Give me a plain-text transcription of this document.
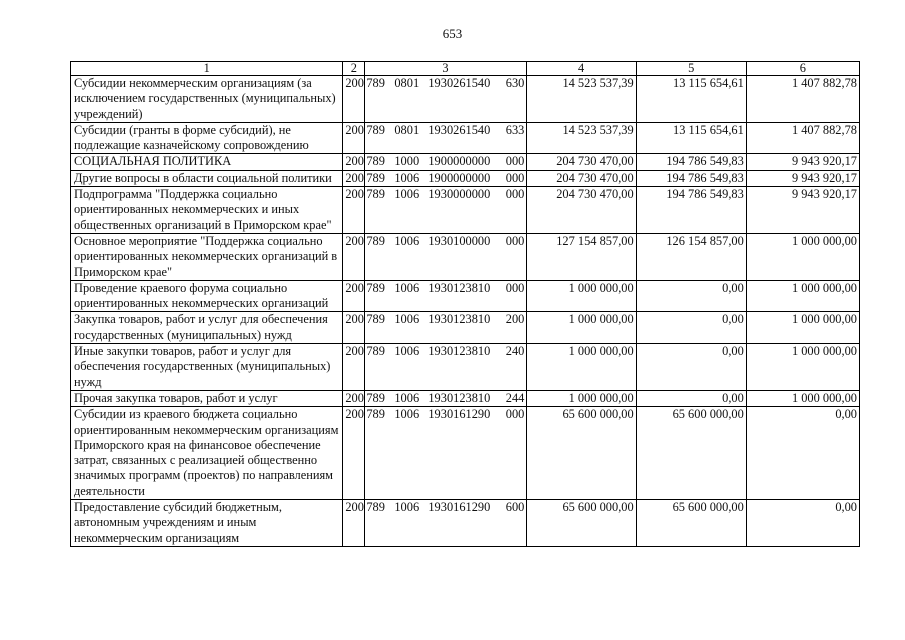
653
1	2	3	4	5	6
Субсидии некоммерческим организациям (за исключением государственных (муниципальных) учреждений)	200	789 0801 1930261540 630	14 523 537,39	13 115 654,61	1 407 882,78
Субсидии (гранты в форме субсидий), не подлежащие казначейскому сопровождению	200	789 0801 1930261540 633	14 523 537,39	13 115 654,61	1 407 882,78
СОЦИАЛЬНАЯ ПОЛИТИКА	200	789 1000 1900000000 000	204 730 470,00	194 786 549,83	9 943 920,17
Другие вопросы в области социальной политики	200	789 1006 1900000000 000	204 730 470,00	194 786 549,83	9 943 920,17
Подпрограмма "Поддержка социально ориентированных некоммерческих и иных общественных организаций в Приморском крае"	200	789 1006 1930000000 000	204 730 470,00	194 786 549,83	9 943 920,17
Основное мероприятие "Поддержка социально ориентированных некоммерческих организаций в Приморском крае"	200	789 1006 1930100000 000	127 154 857,00	126 154 857,00	1 000 000,00
Проведение краевого форума социально ориентированных некоммерческих организаций	200	789 1006 1930123810 000	1 000 000,00	0,00	1 000 000,00
Закупка товаров, работ и услуг для обеспечения государственных (муниципальных) нужд	200	789 1006 1930123810 200	1 000 000,00	0,00	1 000 000,00
Иные закупки товаров, работ и услуг для обеспечения государственных (муниципальных) нужд	200	789 1006 1930123810 240	1 000 000,00	0,00	1 000 000,00
Прочая закупка товаров, работ и услуг	200	789 1006 1930123810 244	1 000 000,00	0,00	1 000 000,00
Субсидии из краевого бюджета социально ориентированным некоммерческим организациям Приморского края на финансовое обеспечение затрат, связанных с реализацией общественно значимых программ (проектов) по направлениям деятельности	200	789 1006 1930161290 000	65 600 000,00	65 600 000,00	0,00
Предоставление субсидий бюджетным, автономным учреждениям и иным некоммерческим организациям	200	789 1006 1930161290 600	65 600 000,00	65 600 000,00	0,00
